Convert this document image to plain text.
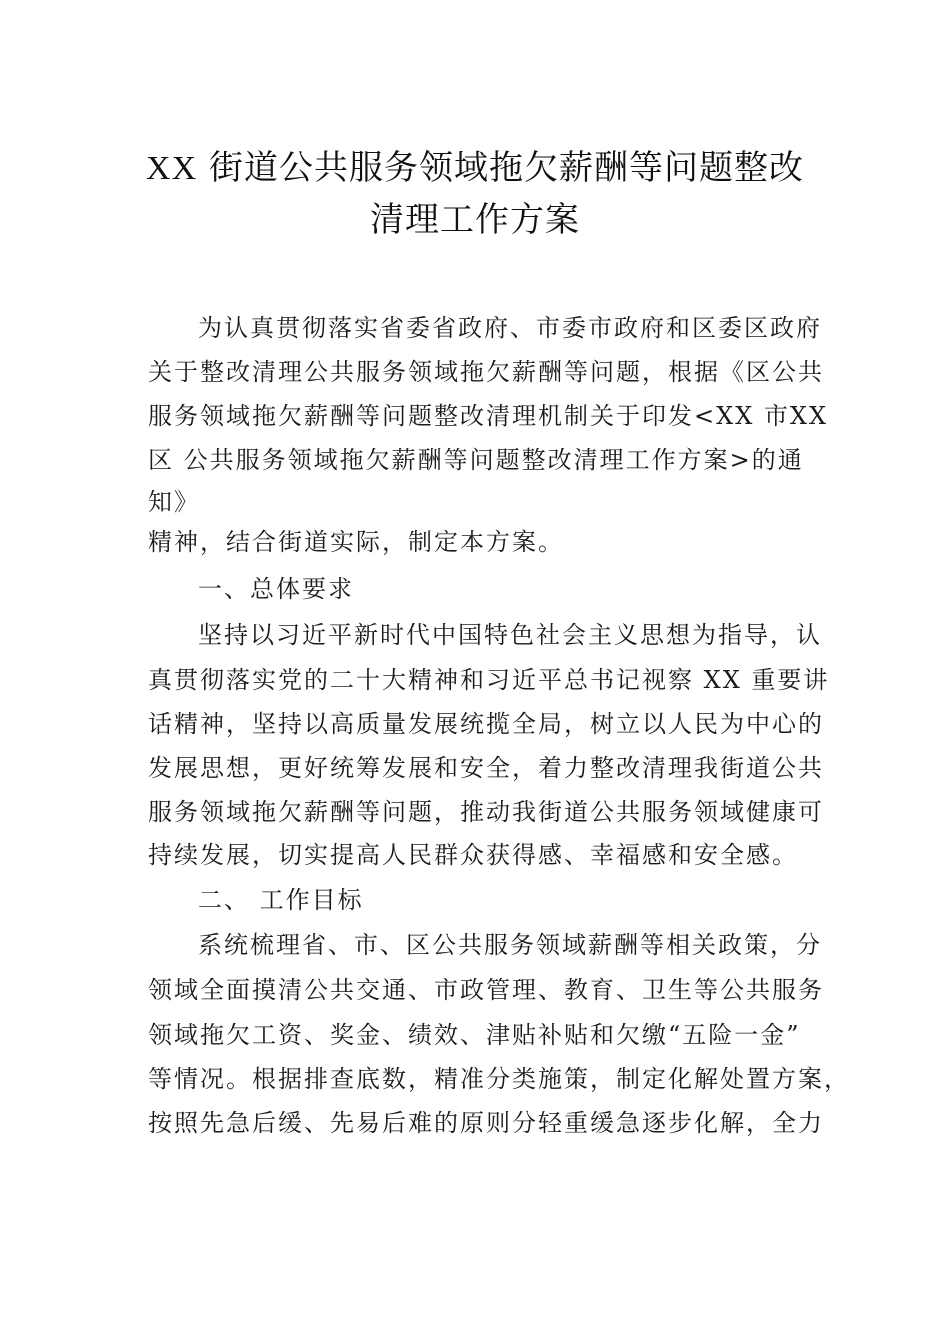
XX 街道公共服务领域拖欠薪酬等问题整改
清理工作方案
为认真贯彻落实省委省政府、市委市政府和区委区政府
关于整改清理公共服务领域拖欠薪酬等问题，根据《区公共
服务领域拖欠薪酬等问题整改清理机制关于印发<XX 市XX
区 公共服务领域拖欠薪酬等问题整改清理工作方案>的通
知》
精神，结合街道实际，制定本方案。
一、总体要求
坚持以习近平新时代中国特色社会主义思想为指导，认
真贯彻落实党的二十大精神和习近平总书记视察 XX 重要讲
话精神，坚持以高质量发展统揽全局，树立以人民为中心的
发展思想，更好统筹发展和安全，着力整改清理我街道公共
服务领域拖欠薪酬等问题，推动我街道公共服务领域健康可
持续发展，切实提高人民群众获得感、幸福感和安全感。
二、 工作目标
系统梳理省、市、区公共服务领域薪酬等相关政策，分
领域全面摸清公共交通、市政管理、教育、卫生等公共服务
领域拖欠工资、奖金、绩效、津贴补贴和欠缴“五险一金”
等情况。根据排查底数，精准分类施策，制定化解处置方案，
按照先急后缓、先易后难的原则分轻重缓急逐步化解，全力
